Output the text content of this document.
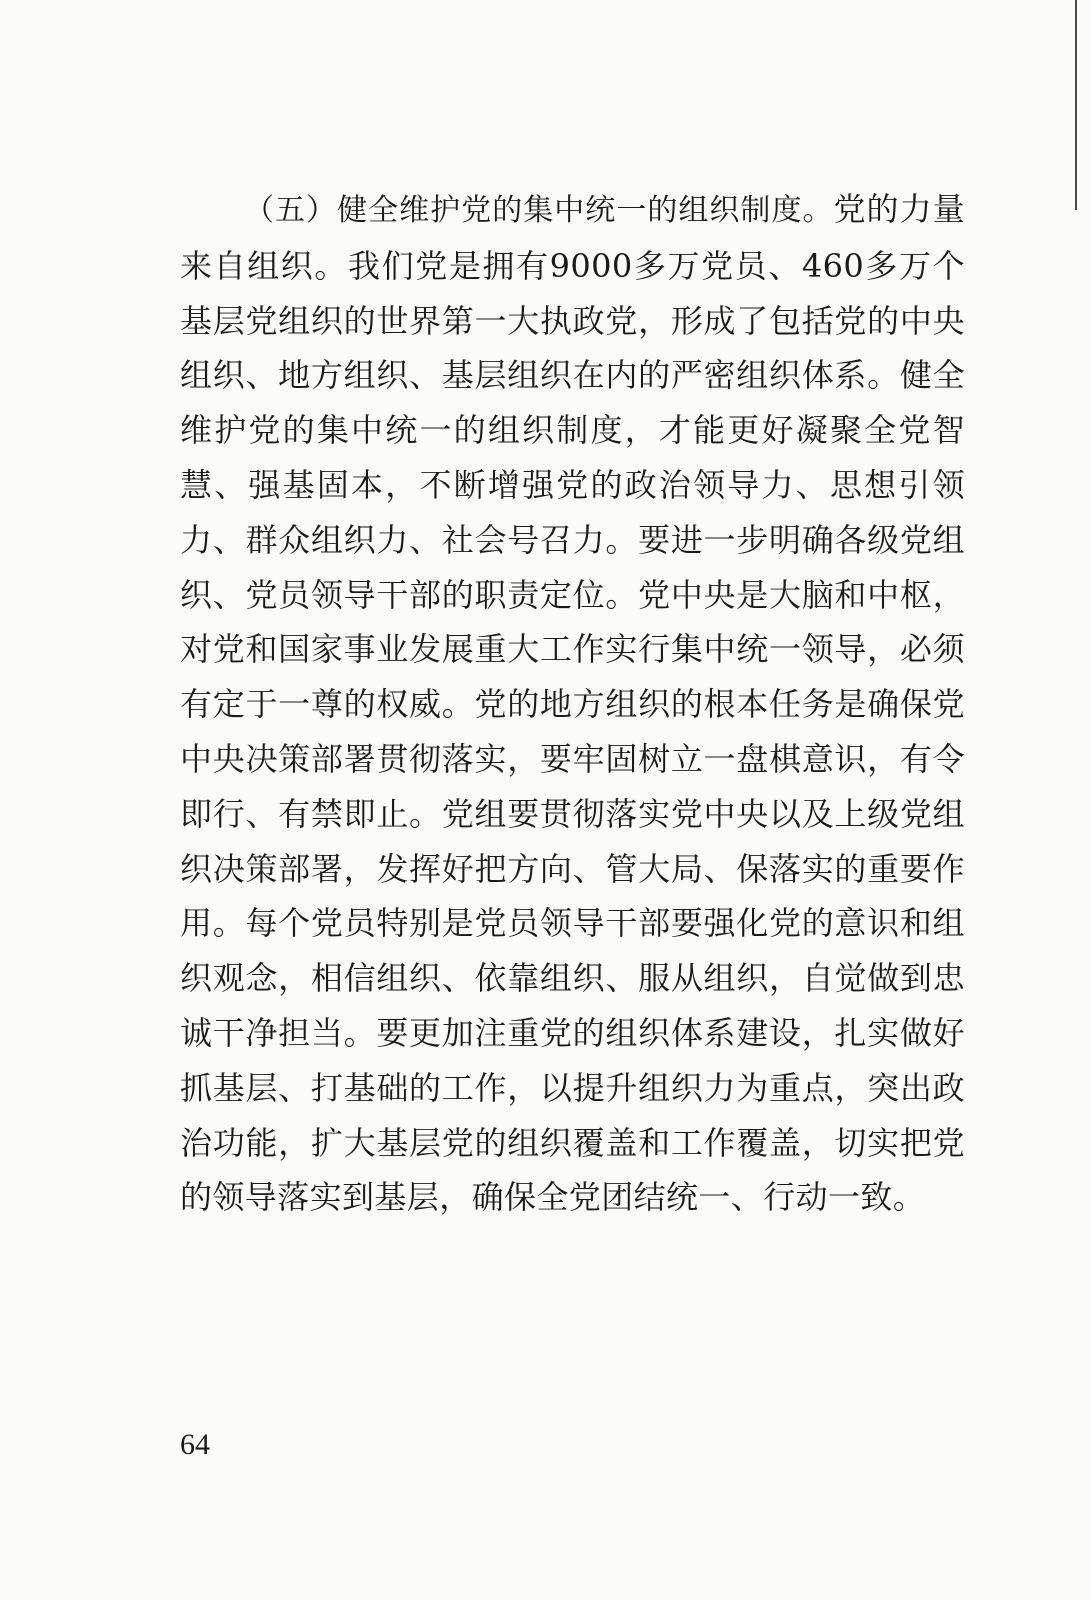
（五）健全维护党的集中统一的组织制度。党的力量来自组织。我们党是拥有9000多万党员、460多万个基层党组织的世界第一大执政党，形成了包括党的中央组织、地方组织、基层组织在内的严密组织体系。健全维护党的集中统一的组织制度，才能更好凝聚全党智慧、强基固本，不断增强党的政治领导力、思想引领力、群众组织力、社会号召力。要进一步明确各级党组织、党员领导干部的职责定位。党中央是大脑和中枢，对党和国家事业发展重大工作实行集中统一领导，必须有定于一尊的权威。党的地方组织的根本任务是确保党中央决策部署贯彻落实，要牢固树立一盘棋意识，有令即行、有禁即止。党组要贯彻落实党中央以及上级党组织决策部署，发挥好把方向、管大局、保落实的重要作用。每个党员特别是党员领导干部要强化党的意识和组织观念，相信组织、依靠组织、服从组织，自觉做到忠诚干净担当。要更加注重党的组织体系建设，扎实做好抓基层、打基础的工作，以提升组织力为重点，突出政治功能，扩大基层党的组织覆盖和工作覆盖，切实把党的领导落实到基层，确保全党团结统一、行动一致。

64
